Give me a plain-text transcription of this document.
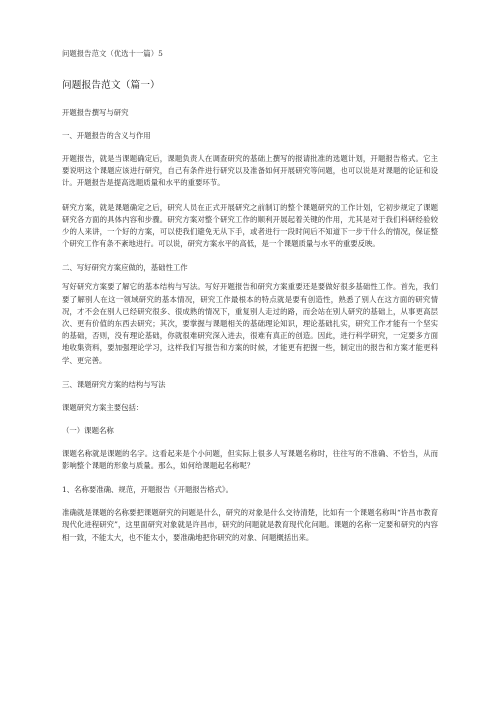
问题报告范文（优选十一篇）5

问题报告范文（篇一）

开题报告撰写与研究

一、开题报告的含义与作用

开题报告，就是当课题确定后，课题负责人在调查研究的基础上撰写的报请批准的选题计划，开题报告格式。它主要说明这个课题应该进行研究，自己有条件进行研究以及准备如何开展研究等问题，也可以说是对课题的论证和设计。开题报告是提高选题质量和水平的重要环节。

研究方案，就是课题确定之后，研究人员在正式开展研究之前制订的整个课题研究的工作计划，它初步规定了课题研究各方面的具体内容和步骤。研究方案对整个研究工作的顺利开展起着关键的作用，尤其是对于我们科研经验较少的人来讲，一个好的方案，可以使我们避免无从下手，或者进行一段时间后不知道下一步干什么的情况，保证整个研究工作有条不紊地进行。可以说，研究方案水平的高低，是一个课题质量与水平的重要反映。

二、写好研究方案应做的，基础性工作

写好研究方案要了解它的基本结构与写法。写好开题报告和研究方案重要还是要做好很多基础性工作。首先，我们要了解别人在这一领域研究的基本情况，研究工作最根本的特点就是要有创造性，熟悉了别人在这方面的研究情况，才不会在别人已经研究很多、很成熟的情况下，重复别人走过的路，而会站在别人研究的基础上，从事更高层次、更有价值的东西去研究；其次，要掌握与课题相关的基础理论知识，理论基础扎实，研究工作才能有一个坚实的基础，否则，没有理论基础，你就很难研究深入进去，很难有真正的创造。因此，进行科学研究，一定要多方面地收集资料，要加强理论学习，这样我们写报告和方案的时候，才能更有把握一些，制定出的报告和方案才能更科学、更完善。

三、课题研究方案的结构与写法

课题研究方案主要包括：

（一）课题名称

课题名称就是课题的名字。这看起来是个小问题，但实际上很多人写课题名称时，往往写的不准确、不恰当，从而影响整个课题的形象与质量。那么，如何给课题起名称呢？

1、名称要准确、规范，开题报告《开题报告格式》。

准确就是课题的名称要把课题研究的问题是什么，研究的对象是什么交待清楚，比如有一个课题名称叫“许昌市教育现代化进程研究”，这里面研究对象就是许昌市，研究的问题就是教育现代化问题。课题的名称一定要和研究的内容相一致，不能太大，也不能太小，要准确地把你研究的对象、问题概括出来。
